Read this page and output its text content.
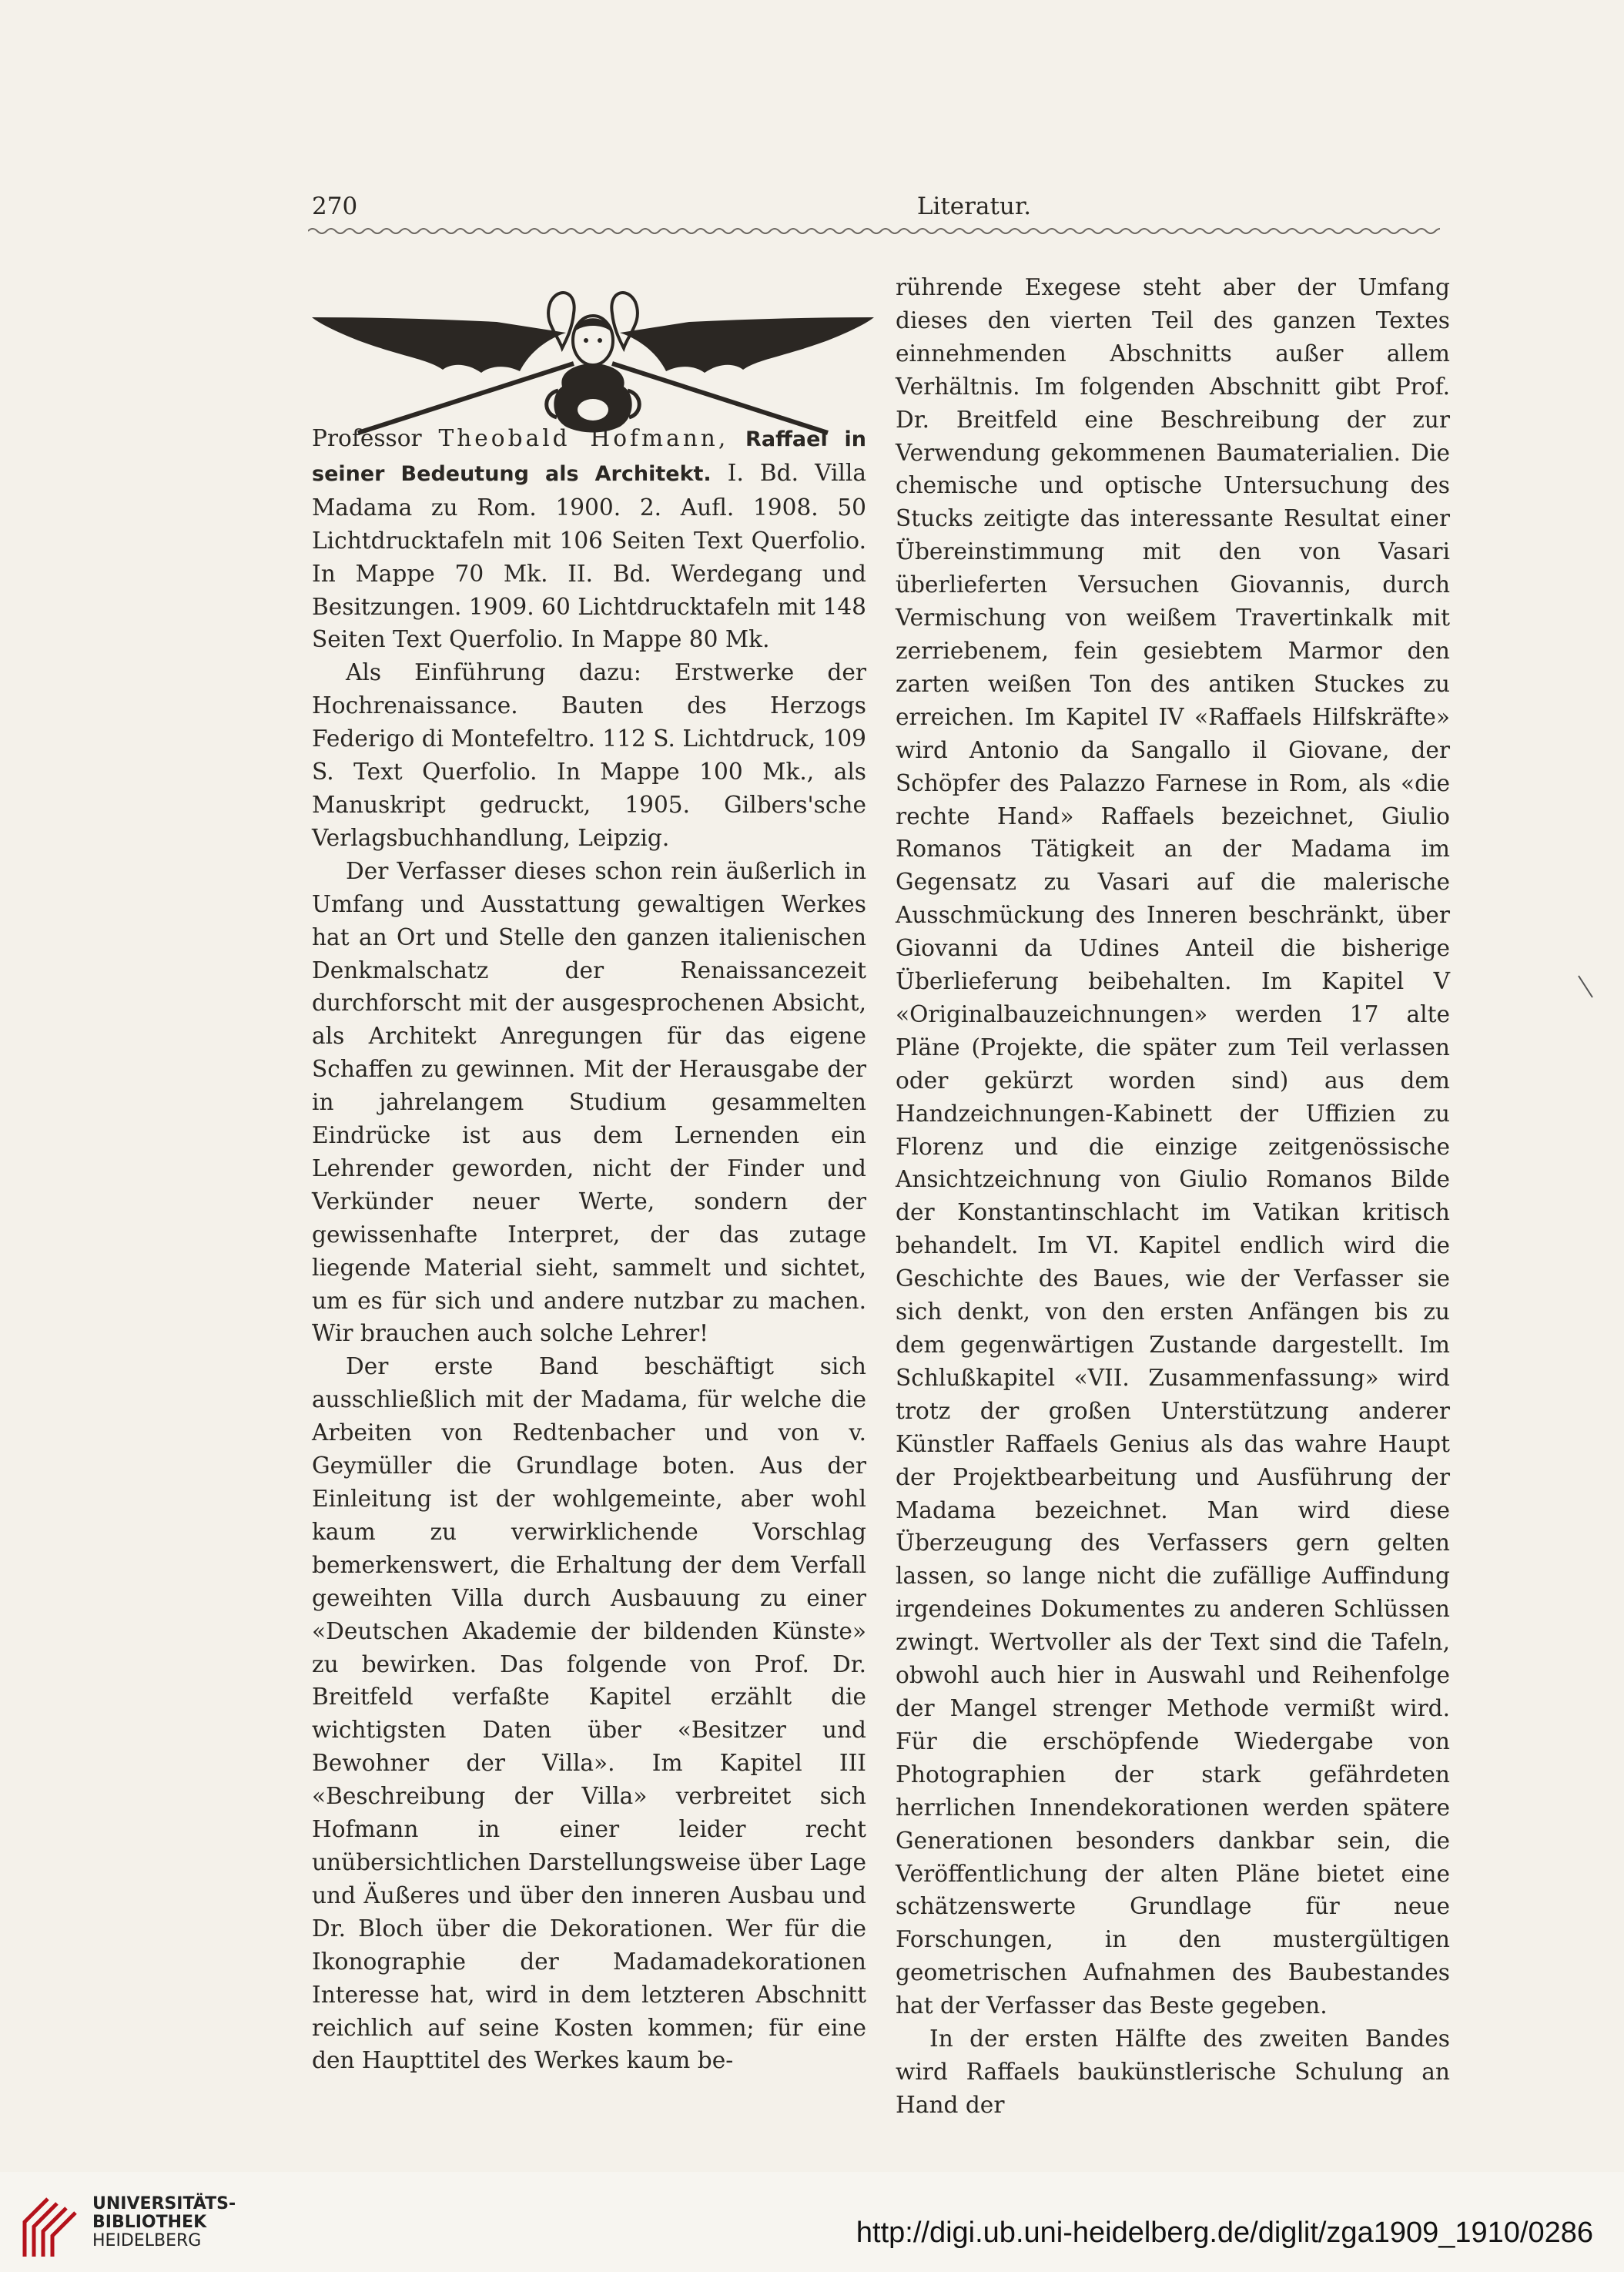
270	Literatur.

Professor Theobald Hofmann, Raffael in seiner Bedeutung als Architekt. I. Bd. Villa Madama zu Rom. 1900. 2. Aufl. 1908. 50 Lichtdrucktafeln mit 106 Seiten Text Querfolio. In Mappe 70 Mk. II. Bd. Werdegang und Besitzungen. 1909. 60 Lichtdrucktafeln mit 148 Seiten Text Querfolio. In Mappe 80 Mk.

Als Einführung dazu: Erstwerke der Hochrenaissance. Bauten des Herzogs Federigo di Montefeltro. 112 S. Lichtdruck, 109 S. Text Querfolio. In Mappe 100 Mk., als Manuskript gedruckt, 1905. Gilbers'sche Verlagsbuchhandlung, Leipzig.

Der Verfasser dieses schon rein äußerlich in Umfang und Ausstattung gewaltigen Werkes hat an Ort und Stelle den ganzen italienischen Denkmalschatz der Renaissancezeit durchforscht mit der ausgesprochenen Absicht, als Architekt Anregungen für das eigene Schaffen zu gewinnen. Mit der Herausgabe der in jahrelangem Studium gesammelten Eindrücke ist aus dem Lernenden ein Lehrender geworden, nicht der Finder und Verkünder neuer Werte, sondern der gewissenhafte Interpret, der das zutage liegende Material sieht, sammelt und sichtet, um es für sich und andere nutzbar zu machen. Wir brauchen auch solche Lehrer!

Der erste Band beschäftigt sich ausschließlich mit der Madama, für welche die Arbeiten von Redtenbacher und von v. Geymüller die Grundlage boten. Aus der Einleitung ist der wohlgemeinte, aber wohl kaum zu verwirklichende Vorschlag bemerkenswert, die Erhaltung der dem Verfall geweihten Villa durch Ausbauung zu einer «Deutschen Akademie der bildenden Künste» zu bewirken. Das folgende von Prof. Dr. Breitfeld verfaßte Kapitel erzählt die wichtigsten Daten über «Besitzer und Bewohner der Villa». Im Kapitel III «Beschreibung der Villa» verbreitet sich Hofmann in einer leider recht unübersichtlichen Darstellungsweise über Lage und Äußeres und über den inneren Ausbau und Dr. Bloch über die Dekorationen. Wer für die Ikonographie der Madamadekorationen Interesse hat, wird in dem letzteren Abschnitt reichlich auf seine Kosten kommen; für eine den Haupttitel des Werkes kaum be-

rührende Exegese steht aber der Umfang dieses den vierten Teil des ganzen Textes einnehmenden Abschnitts außer allem Verhältnis. Im folgenden Abschnitt gibt Prof. Dr. Breitfeld eine Beschreibung der zur Verwendung gekommenen Baumaterialien. Die chemische und optische Untersuchung des Stucks zeitigte das interessante Resultat einer Übereinstimmung mit den von Vasari überlieferten Versuchen Giovannis, durch Vermischung von weißem Travertinkalk mit zerriebenem, fein gesiebtem Marmor den zarten weißen Ton des antiken Stuckes zu erreichen. Im Kapitel IV «Raffaels Hilfskräfte» wird Antonio da Sangallo il Giovane, der Schöpfer des Palazzo Farnese in Rom, als «die rechte Hand» Raffaels bezeichnet, Giulio Romanos Tätigkeit an der Madama im Gegensatz zu Vasari auf die malerische Ausschmückung des Inneren beschränkt, über Giovanni da Udines Anteil die bisherige Überlieferung beibehalten. Im Kapitel V «Originalbauzeichnungen» werden 17 alte Pläne (Projekte, die später zum Teil verlassen oder gekürzt worden sind) aus dem Handzeichnungen-Kabinett der Uffizien zu Florenz und die einzige zeitgenössische Ansichtzeichnung von Giulio Romanos Bilde der Konstantinschlacht im Vatikan kritisch behandelt. Im VI. Kapitel endlich wird die Geschichte des Baues, wie der Verfasser sie sich denkt, von den ersten Anfängen bis zu dem gegenwärtigen Zustande dargestellt. Im Schlußkapitel «VII. Zusammenfassung» wird trotz der großen Unterstützung anderer Künstler Raffaels Genius als das wahre Haupt der Projektbearbeitung und Ausführung der Madama bezeichnet. Man wird diese Überzeugung des Verfassers gern gelten lassen, so lange nicht die zufällige Auffindung irgendeines Dokumentes zu anderen Schlüssen zwingt. Wertvoller als der Text sind die Tafeln, obwohl auch hier in Auswahl und Reihenfolge der Mangel strenger Methode vermißt wird. Für die erschöpfende Wiedergabe von Photographien der stark gefährdeten herrlichen Innendekorationen werden spätere Generationen besonders dankbar sein, die Veröffentlichung der alten Pläne bietet eine schätzenswerte Grundlage für neue Forschungen, in den mustergültigen geometrischen Aufnahmen des Baubestandes hat der Verfasser das Beste gegeben.

In der ersten Hälfte des zweiten Bandes wird Raffaels baukünstlerische Schulung an Hand der

UNIVERSITÄTS-
BIBLIOTHEK
HEIDELBERG	http://digi.ub.uni-heidelberg.de/diglit/zga1909_1910/0286
